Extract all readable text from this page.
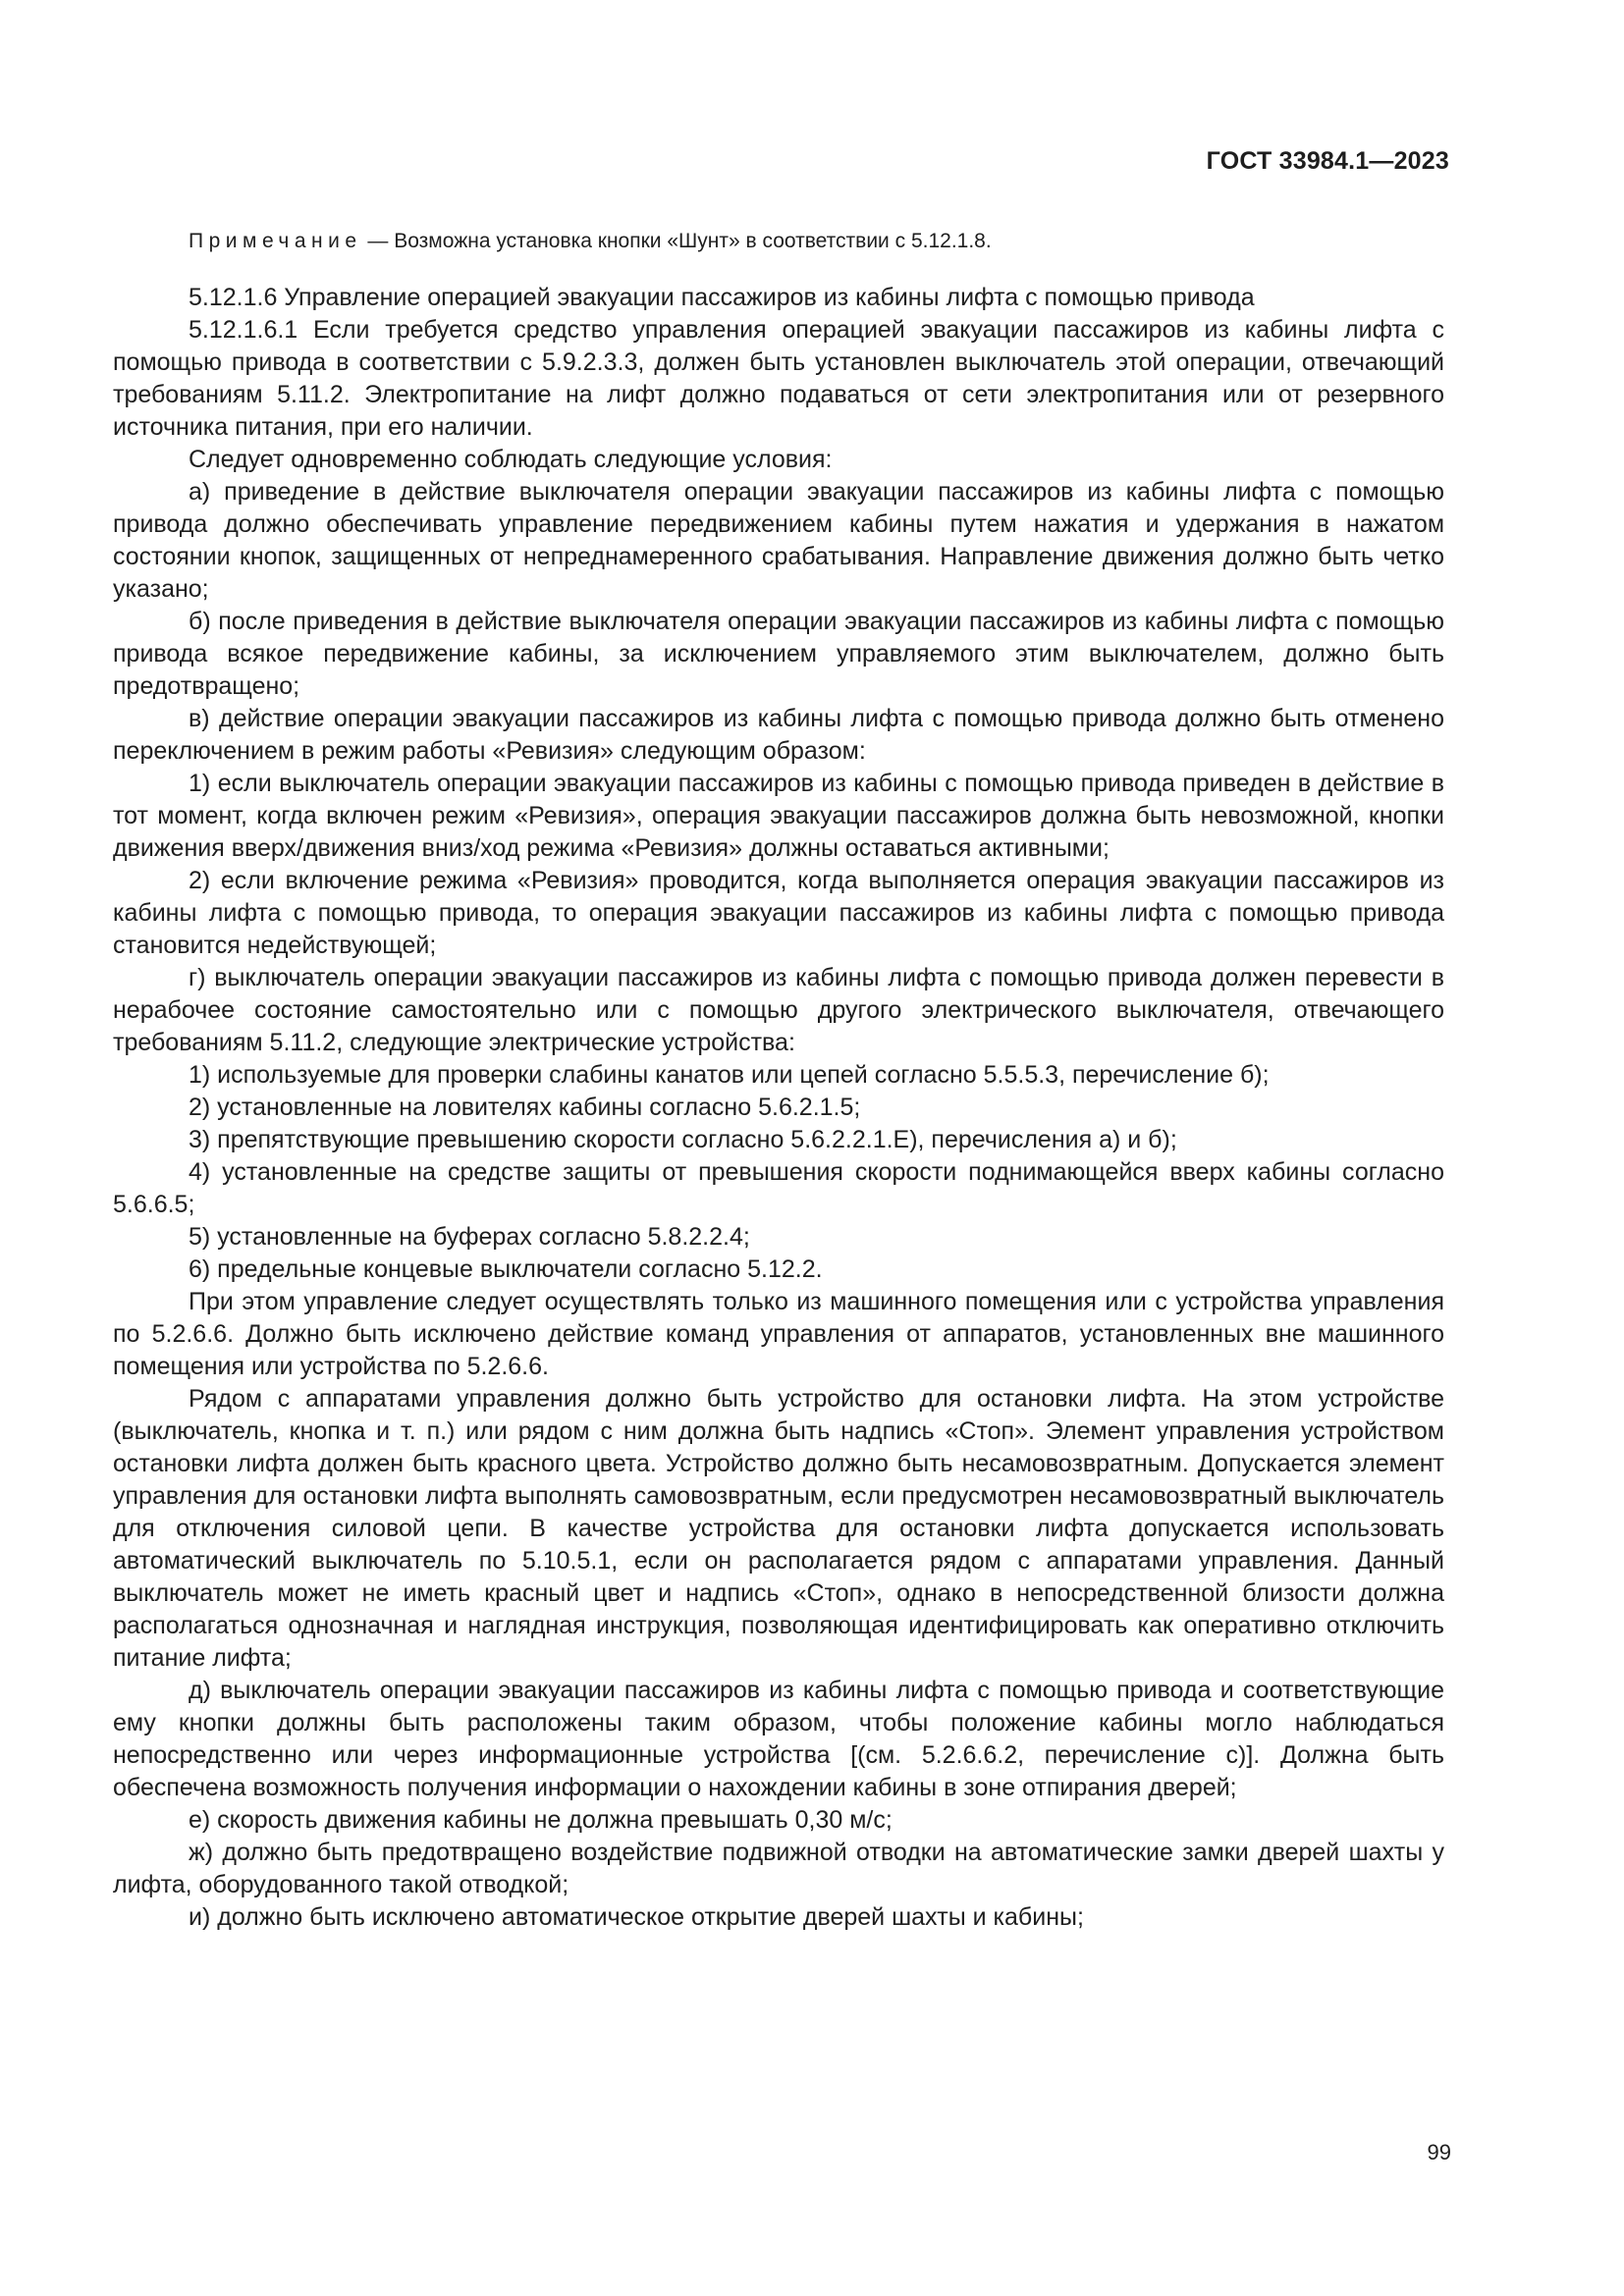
ГОСТ 33984.1—2023
Примечание — Возможна установка кнопки «Шунт» в соответствии с 5.12.1.8.

5.12.1.6 Управление операцией эвакуации пассажиров из кабины лифта с помощью привода

5.12.1.6.1 Если требуется средство управления операцией эвакуации пассажиров из кабины лифта с помощью привода в соответствии с 5.9.2.3.3, должен быть установлен выключатель этой операции, отвечающий требованиям 5.11.2. Электропитание на лифт должно подаваться от сети электропитания или от резервного источника питания, при его наличии.

Следует одновременно соблюдать следующие условия:

а) приведение в действие выключателя операции эвакуации пассажиров из кабины лифта с помощью привода должно обеспечивать управление передвижением кабины путем нажатия и удержания в нажатом состоянии кнопок, защищенных от непреднамеренного срабатывания. Направление движения должно быть четко указано;

б) после приведения в действие выключателя операции эвакуации пассажиров из кабины лифта с помощью привода всякое передвижение кабины, за исключением управляемого этим выключателем, должно быть предотвращено;

в) действие операции эвакуации пассажиров из кабины лифта с помощью привода должно быть отменено переключением в режим работы «Ревизия» следующим образом:

1) если выключатель операции эвакуации пассажиров из кабины с помощью привода приведен в действие в тот момент, когда включен режим «Ревизия», операция эвакуации пассажиров должна быть невозможной, кнопки движения вверх/движения вниз/ход режима «Ревизия» должны оставаться активными;

2) если включение режима «Ревизия» проводится, когда выполняется операция эвакуации пассажиров из кабины лифта с помощью привода, то операция эвакуации пассажиров из кабины лифта с помощью привода становится недействующей;

г) выключатель операции эвакуации пассажиров из кабины лифта с помощью привода должен перевести в нерабочее состояние самостоятельно или с помощью другого электрического выключателя, отвечающего требованиям 5.11.2, следующие электрические устройства:

1) используемые для проверки слабины канатов или цепей согласно 5.5.5.3, перечисление б);

2) установленные на ловителях кабины согласно 5.6.2.1.5;

3) препятствующие превышению скорости согласно 5.6.2.2.1.Е), перечисления а) и б);

4) установленные на средстве защиты от превышения скорости поднимающейся вверх кабины согласно 5.6.6.5;

5) установленные на буферах согласно 5.8.2.2.4;

6) предельные концевые выключатели согласно 5.12.2.

При этом управление следует осуществлять только из машинного помещения или с устройства управления по 5.2.6.6. Должно быть исключено действие команд управления от аппаратов, установленных вне машинного помещения или устройства по 5.2.6.6.

Рядом с аппаратами управления должно быть устройство для остановки лифта. На этом устройстве (выключатель, кнопка и т. п.) или рядом с ним должна быть надпись «Стоп». Элемент управления устройством остановки лифта должен быть красного цвета. Устройство должно быть несамовозвратным. Допускается элемент управления для остановки лифта выполнять самовозвратным, если предусмотрен несамовозвратный выключатель для отключения силовой цепи. В качестве устройства для остановки лифта допускается использовать автоматический выключатель по 5.10.5.1, если он располагается рядом с аппаратами управления. Данный выключатель может не иметь красный цвет и надпись «Стоп», однако в непосредственной близости должна располагаться однозначная и наглядная инструкция, позволяющая идентифицировать как оперативно отключить питание лифта;

д) выключатель операции эвакуации пассажиров из кабины лифта с помощью привода и соответствующие ему кнопки должны быть расположены таким образом, чтобы положение кабины могло наблюдаться непосредственно или через информационные устройства [(см. 5.2.6.6.2, перечисление с)]. Должна быть обеспечена возможность получения информации о нахождении кабины в зоне отпирания дверей;

е) скорость движения кабины не должна превышать 0,30 м/с;

ж) должно быть предотвращено воздействие подвижной отводки на автоматические замки дверей шахты у лифта, оборудованного такой отводкой;

и) должно быть исключено автоматическое открытие дверей шахты и кабины;

99
